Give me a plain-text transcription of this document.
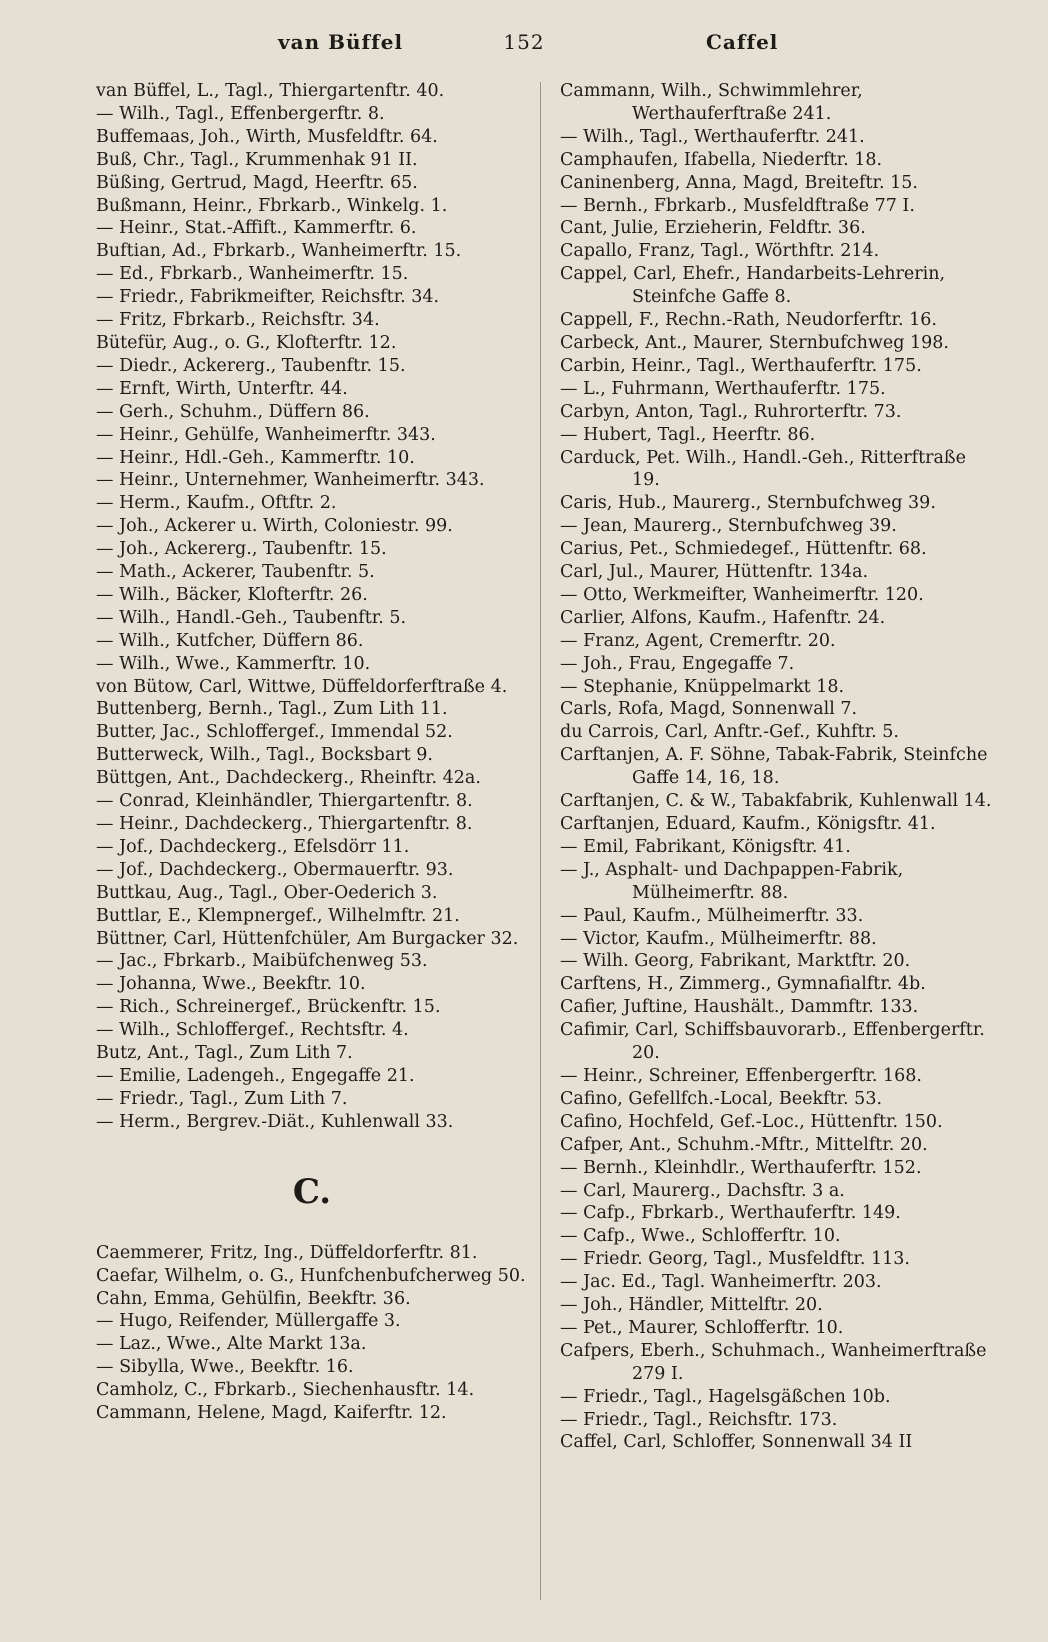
van Büffel	152	Caffel

van Büffel, L., Tagl., Thiergartenftr. 40.

— Wilh., Tagl., Effenbergerftr. 8.

Buffemaas, Joh., Wirth, Musfeldftr. 64.

Buß, Chr., Tagl., Krummenhak 91 II.

Büßing, Gertrud, Magd, Heerftr. 65.

Bußmann, Heinr., Fbrkarb., Winkelg. 1.

— Heinr., Stat.-Affift., Kammerftr. 6.

Buftian, Ad., Fbrkarb., Wanheimerftr. 15.

— Ed., Fbrkarb., Wanheimerftr. 15.

— Friedr., Fabrikmeifter, Reichsftr. 34.

— Fritz, Fbrkarb., Reichsftr. 34.

Bütefür, Aug., o. G., Klofterftr. 12.

— Diedr., Ackererg., Taubenftr. 15.

— Ernft, Wirth, Unterftr. 44.

— Gerh., Schuhm., Düffern 86.

— Heinr., Gehülfe, Wanheimerftr. 343.

— Heinr., Hdl.-Geh., Kammerftr. 10.

— Heinr., Unternehmer, Wanheimerftr. 343.

— Herm., Kaufm., Oftftr. 2.

— Joh., Ackerer u. Wirth, Coloniestr. 99.

— Joh., Ackererg., Taubenftr. 15.

— Math., Ackerer, Taubenftr. 5.

— Wilh., Bäcker, Klofterftr. 26.

— Wilh., Handl.-Geh., Taubenftr. 5.

— Wilh., Kutfcher, Düffern 86.

— Wilh., Wwe., Kammerftr. 10.

von Bütow, Carl, Wittwe, Düffeldorferftraße 4.

Buttenberg, Bernh., Tagl., Zum Lith 11.

Butter, Jac., Schloffergef., Immendal 52.

Butterweck, Wilh., Tagl., Bocksbart 9.

Büttgen, Ant., Dachdeckerg., Rheinftr. 42a.

— Conrad, Kleinhändler, Thiergartenftr. 8.

— Heinr., Dachdeckerg., Thiergartenftr. 8.

— Jof., Dachdeckerg., Efelsdörr 11.

— Jof., Dachdeckerg., Obermauerftr. 93.

Buttkau, Aug., Tagl., Ober-Oederich 3.

Buttlar, E., Klempnergef., Wilhelmftr. 21.

Büttner, Carl, Hüttenfchüler, Am Burgacker 32.

— Jac., Fbrkarb., Maibüfchenweg 53.

— Johanna, Wwe., Beekftr. 10.

— Rich., Schreinergef., Brückenftr. 15.

— Wilh., Schloffergef., Rechtsftr. 4.

Butz, Ant., Tagl., Zum Lith 7.

— Emilie, Ladengeh., Engegaffe 21.

— Friedr., Tagl., Zum Lith 7.

— Herm., Bergrev.-Diät., Kuhlenwall 33.

C.

Caemmerer, Fritz, Ing., Düffeldorferftr. 81.

Caefar, Wilhelm, o. G., Hunfchenbufcherweg 50.

Cahn, Emma, Gehülfin, Beekftr. 36.

— Hugo, Reifender, Müllergaffe 3.

— Laz., Wwe., Alte Markt 13a.

— Sibylla, Wwe., Beekftr. 16.

Camholz, C., Fbrkarb., Siechenhausftr. 14.

Cammann, Helene, Magd, Kaiferftr. 12.

Cammann, Wilh., Schwimmlehrer, Werthauferftraße 241.

— Wilh., Tagl., Werthauferftr. 241.

Camphaufen, Ifabella, Niederftr. 18.

Caninenberg, Anna, Magd, Breiteftr. 15.

— Bernh., Fbrkarb., Musfeldftraße 77 I.

Cant, Julie, Erzieherin, Feldftr. 36.

Capallo, Franz, Tagl., Wörthftr. 214.

Cappel, Carl, Ehefr., Handarbeits-Lehrerin, Steinfche Gaffe 8.

Cappell, F., Rechn.-Rath, Neudorferftr. 16.

Carbeck, Ant., Maurer, Sternbufchweg 198.

Carbin, Heinr., Tagl., Werthauferftr. 175.

— L., Fuhrmann, Werthauferftr. 175.

Carbyn, Anton, Tagl., Ruhrorterftr. 73.

— Hubert, Tagl., Heerftr. 86.

Carduck, Pet. Wilh., Handl.-Geh., Ritterftraße 19.

Caris, Hub., Maurerg., Sternbufchweg 39.

— Jean, Maurerg., Sternbufchweg 39.

Carius, Pet., Schmiedegef., Hüttenftr. 68.

Carl, Jul., Maurer, Hüttenftr. 134a.

— Otto, Werkmeifter, Wanheimerftr. 120.

Carlier, Alfons, Kaufm., Hafenftr. 24.

— Franz, Agent, Cremerftr. 20.

— Joh., Frau, Engegaffe 7.

— Stephanie, Knüppelmarkt 18.

Carls, Rofa, Magd, Sonnenwall 7.

du Carrois, Carl, Anftr.-Gef., Kuhftr. 5.

Carftanjen, A. F. Söhne, Tabak-Fabrik, Steinfche Gaffe 14, 16, 18.

Carftanjen, C. & W., Tabakfabrik, Kuhlenwall 14.

Carftanjen, Eduard, Kaufm., Königsftr. 41.

— Emil, Fabrikant, Königsftr. 41.

— J., Asphalt- und Dachpappen-Fabrik, Mülheimerftr. 88.

— Paul, Kaufm., Mülheimerftr. 33.

— Victor, Kaufm., Mülheimerftr. 88.

— Wilh. Georg, Fabrikant, Marktftr. 20.

Carftens, H., Zimmerg., Gymnafialftr. 4b.

Cafier, Juftine, Haushält., Dammftr. 133.

Cafimir, Carl, Schiffsbauvorarb., Effenbergerftr. 20.

— Heinr., Schreiner, Effenbergerftr. 168.

Cafino, Gefellfch.-Local, Beekftr. 53.

Cafino, Hochfeld, Gef.-Loc., Hüttenftr. 150.

Cafper, Ant., Schuhm.-Mftr., Mittelftr. 20.

— Bernh., Kleinhdlr., Werthauferftr. 152.

— Carl, Maurerg., Dachsftr. 3 a.

— Cafp., Fbrkarb., Werthauferftr. 149.

— Cafp., Wwe., Schlofferftr. 10.

— Friedr. Georg, Tagl., Musfeldftr. 113.

— Jac. Ed., Tagl. Wanheimerftr. 203.

— Joh., Händler, Mittelftr. 20.

— Pet., Maurer, Schlofferftr. 10.

Cafpers, Eberh., Schuhmach., Wanheimerftraße 279 I.

— Friedr., Tagl., Hagelsgäßchen 10b.

— Friedr., Tagl., Reichsftr. 173.

Caffel, Carl, Schloffer, Sonnenwall 34 II
